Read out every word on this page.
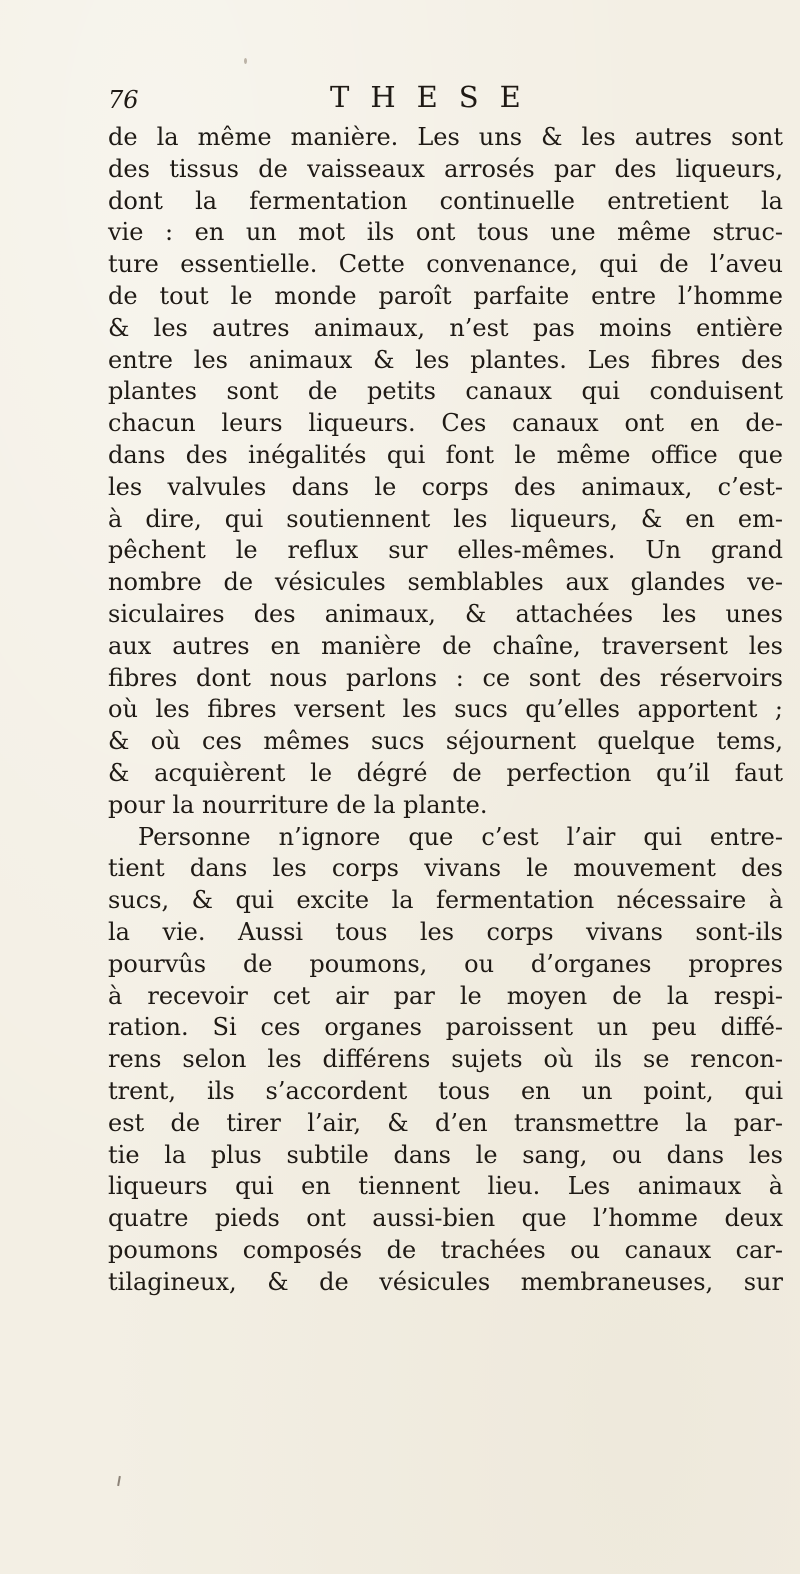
76	THESE
de la même manière. Les uns & les autres sont
des tissus de vaisseaux arrosés par des liqueurs,
dont la fermentation continuelle entretient la
vie : en un mot ils ont tous une même struc-
ture essentielle. Cette convenance, qui de l’aveu
de tout le monde paroît parfaite entre l’homme
& les autres animaux, n’est pas moins entière
entre les animaux & les plantes. Les fibres des
plantes sont de petits canaux qui conduisent
chacun leurs liqueurs. Ces canaux ont en de-
dans des inégalités qui font le même office que
les valvules dans le corps des animaux, c’est-
à dire, qui soutiennent les liqueurs, & en em-
pêchent le reflux sur elles-mêmes. Un grand
nombre de vésicules semblables aux glandes ve-
siculaires des animaux, & attachées les unes
aux autres en manière de chaîne, traversent les
fibres dont nous parlons : ce sont des réservoirs
où les fibres versent les sucs qu’elles apportent ;
& où ces mêmes sucs séjournent quelque tems,
& acquièrent le dégré de perfection qu’il faut
pour la nourriture de la plante.
Personne n’ignore que c’est l’air qui entre-
tient dans les corps vivans le mouvement des
sucs, & qui excite la fermentation nécessaire à
la vie. Aussi tous les corps vivans sont-ils
pourvûs de poumons, ou d’organes propres
à recevoir cet air par le moyen de la respi-
ration. Si ces organes paroissent un peu diffé-
rens selon les différens sujets où ils se rencon-
trent, ils s’accordent tous en un point, qui
est de tirer l’air, & d’en transmettre la par-
tie la plus subtile dans le sang, ou dans les
liqueurs qui en tiennent lieu. Les animaux à
quatre pieds ont aussi-bien que l’homme deux
poumons composés de trachées ou canaux car-
tilagineux, & de vésicules membraneuses, sur
